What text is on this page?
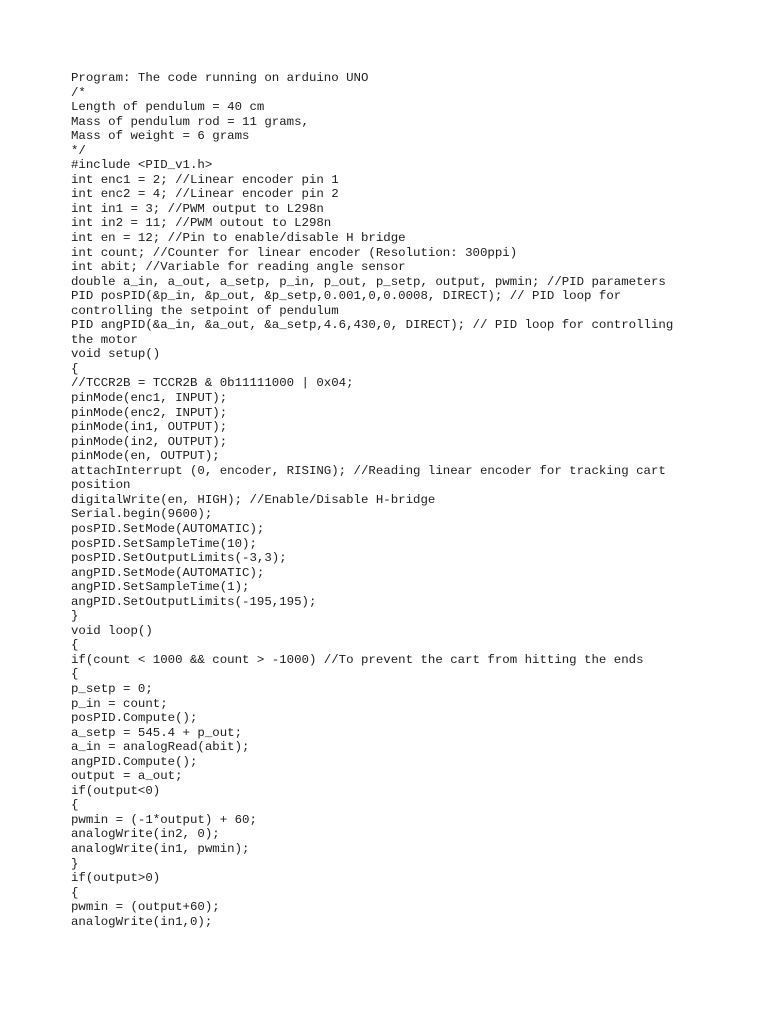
Program: The code running on arduino UNO
/*
Length of pendulum = 40 cm
Mass of pendulum rod = 11 grams,
Mass of weight = 6 grams
*/
#include <PID_v1.h>
int enc1 = 2; //Linear encoder pin 1
int enc2 = 4; //Linear encoder pin 2
int in1 = 3; //PWM output to L298n
int in2 = 11; //PWM outout to L298n
int en = 12; //Pin to enable/disable H bridge
int count; //Counter for linear encoder (Resolution: 300ppi)
int abit; //Variable for reading angle sensor
double a_in, a_out, a_setp, p_in, p_out, p_setp, output, pwmin; //PID parameters
PID posPID(&p_in, &p_out, &p_setp,0.001,0,0.0008, DIRECT); // PID loop for
controlling the setpoint of pendulum
PID angPID(&a_in, &a_out, &a_setp,4.6,430,0, DIRECT); // PID loop for controlling
the motor
void setup()
{
//TCCR2B = TCCR2B & 0b11111000 | 0x04;
pinMode(enc1, INPUT);
pinMode(enc2, INPUT);
pinMode(in1, OUTPUT);
pinMode(in2, OUTPUT);
pinMode(en, OUTPUT);
attachInterrupt (0, encoder, RISING); //Reading linear encoder for tracking cart
position
digitalWrite(en, HIGH); //Enable/Disable H-bridge
Serial.begin(9600);
posPID.SetMode(AUTOMATIC);
posPID.SetSampleTime(10);
posPID.SetOutputLimits(-3,3);
angPID.SetMode(AUTOMATIC);
angPID.SetSampleTime(1);
angPID.SetOutputLimits(-195,195);
}
void loop()
{
if(count < 1000 && count > -1000) //To prevent the cart from hitting the ends
{
p_setp = 0;
p_in = count;
posPID.Compute();
a_setp = 545.4 + p_out;
a_in = analogRead(abit);
angPID.Compute();
output = a_out;
if(output<0)
{
pwmin = (-1*output) + 60;
analogWrite(in2, 0);
analogWrite(in1, pwmin);
}
if(output>0)
{
pwmin = (output+60);
analogWrite(in1,0);
